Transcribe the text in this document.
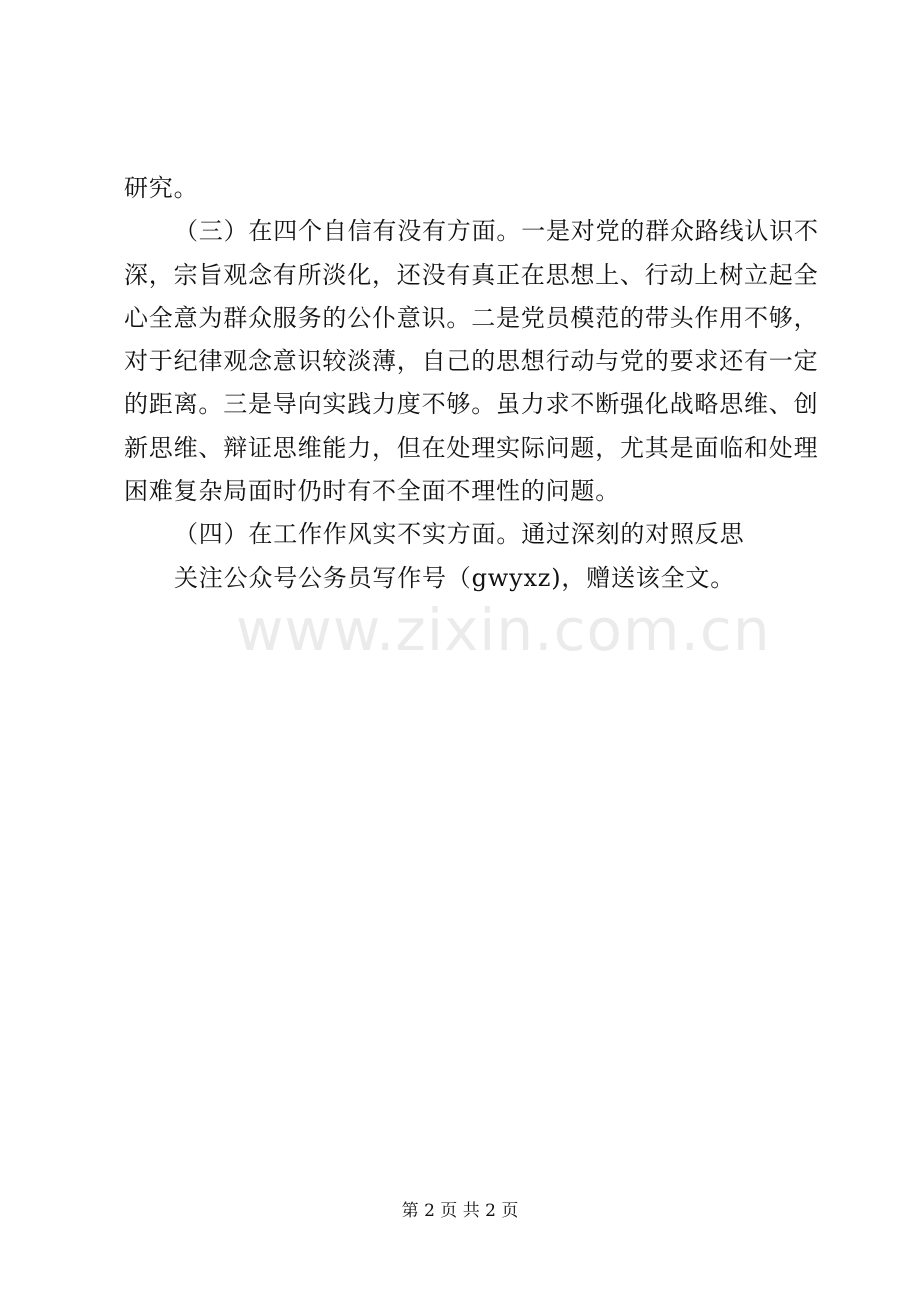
研究。
（三）在四个自信有没有方面。一是对党的群众路线认识不
深，宗旨观念有所淡化，还没有真正在思想上、行动上树立起全
心全意为群众服务的公仆意识。二是党员模范的带头作用不够，
对于纪律观念意识较淡薄，自己的思想行动与党的要求还有一定
的距离。三是导向实践力度不够。虽力求不断强化战略思维、创
新思维、辩证思维能力，但在处理实际问题，尤其是面临和处理
困难复杂局面时仍时有不全面不理性的问题。
（四）在工作作风实不实方面。通过深刻的对照反思
关注公众号公务员写作号（gwyxz)，赠送该全文。
www.zixin.com.cn
第 2 页 共 2 页
